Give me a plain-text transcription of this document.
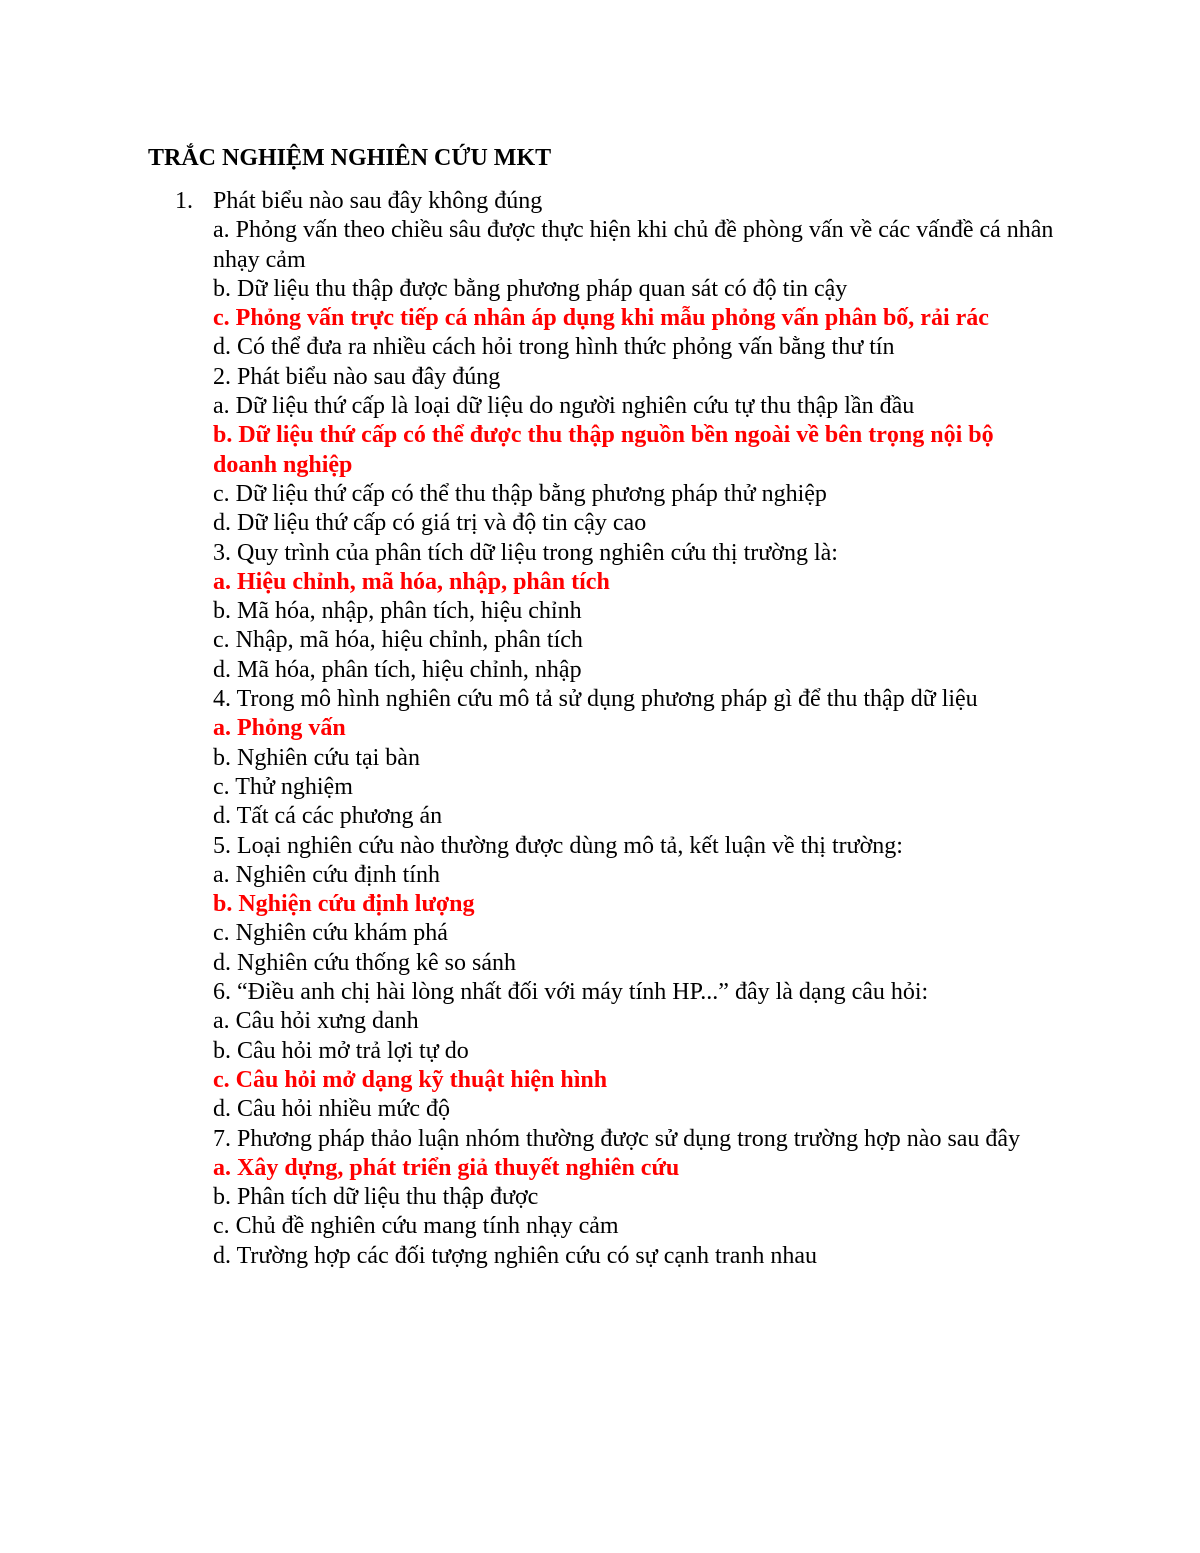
TRẮC NGHIỆM NGHIÊN CỨU MKT
1. Phát biểu nào sau đây không đúng

a. Phỏng vấn theo chiều sâu được thực hiện khi chủ đề phòng vấn về các vấnđề cá nhân nhạy cảm

b. Dữ liệu thu thập được bằng phương pháp quan sát có độ tin cậy

c. Phỏng vấn trực tiếp cá nhân áp dụng khi mẫu phỏng vấn phân bố, rải rác

d. Có thể đưa ra nhiều cách hỏi trong hình thức phỏng vấn bằng thư tín

2. Phát biểu nào sau đây đúng

a. Dữ liệu thứ cấp là loại dữ liệu do người nghiên cứu tự thu thập lần đầu

b. Dữ liệu thứ cấp có thể được thu thập nguồn bền ngoài về bên trọng nội bộ doanh nghiệp

c. Dữ liệu thứ cấp có thể thu thập bằng phương pháp thử nghiệp

d. Dữ liệu thứ cấp có giá trị và độ tin cậy cao

3. Quy trình của phân tích dữ liệu trong nghiên cứu thị trường là:

a. Hiệu chỉnh, mã hóa, nhập, phân tích

b. Mã hóa, nhập, phân tích, hiệu chỉnh

c. Nhập, mã hóa, hiệu chỉnh, phân tích

d. Mã hóa, phân tích, hiệu chỉnh, nhập

4. Trong mô hình nghiên cứu mô tả sử dụng phương pháp gì để thu thập dữ liệu

a. Phỏng vấn

b. Nghiên cứu tại bàn

c. Thử nghiệm

d. Tất cá các phương án

5. Loại nghiên cứu nào thường được dùng mô tả, kết luận về thị trường:

a. Nghiên cứu định tính

b. Nghiện cứu định lượng

c. Nghiên cứu khám phá

d. Nghiên cứu thống kê so sánh

6. “Điều anh chị hài lòng nhất đối với máy tính HP...” đây là dạng câu hỏi:

a. Câu hỏi xưng danh

b. Câu hỏi mở trả lợi tự do

c. Câu hỏi mở dạng kỹ thuật hiện hình

d. Câu hỏi nhiều mức độ

7. Phương pháp thảo luận nhóm thường được sử dụng trong trường hợp nào sau đây

a. Xây dựng, phát triển giả thuyết nghiên cứu

b. Phân tích dữ liệu thu thập được

c. Chủ đề nghiên cứu mang tính nhạy cảm

d. Trường hợp các đối tượng nghiên cứu có sự cạnh tranh nhau
